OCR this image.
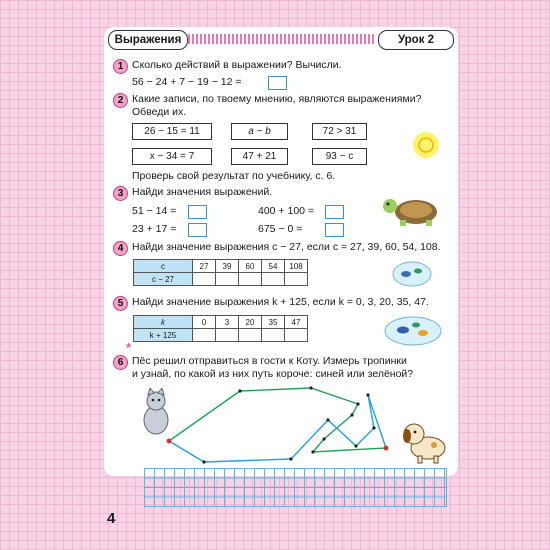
Выражения	Урок 2
1 Сколько действий в выражении? Вычисли.
56 − 24 + 7 − 19 − 12 =
2 Какие записи, по твоему мнению, являются выражениями?
Обведи их.
26 − 15 = 11	a − b	72 > 31
x − 34 = 7	47 + 21	93 − c
Проверь свой результат по учебнику, с. 6.
3 Найди значения выражений.
51 − 14 =	400 + 100 =
23 + 17 =	675 − 0 =
4 Найди значение выражения c − 27, если c = 27, 39, 60, 54, 108.
c	27	39	60	54	108
c − 27					
5 Найди значение выражения k + 125, если k = 0, 3, 20, 35, 47.
k	0	3	20	35	47
k + 125					
6
*
Пёс решил отправиться в гости к Коту. Измерь тропинки
и узнай, по какой из них путь короче: синей или зелёной?
4
